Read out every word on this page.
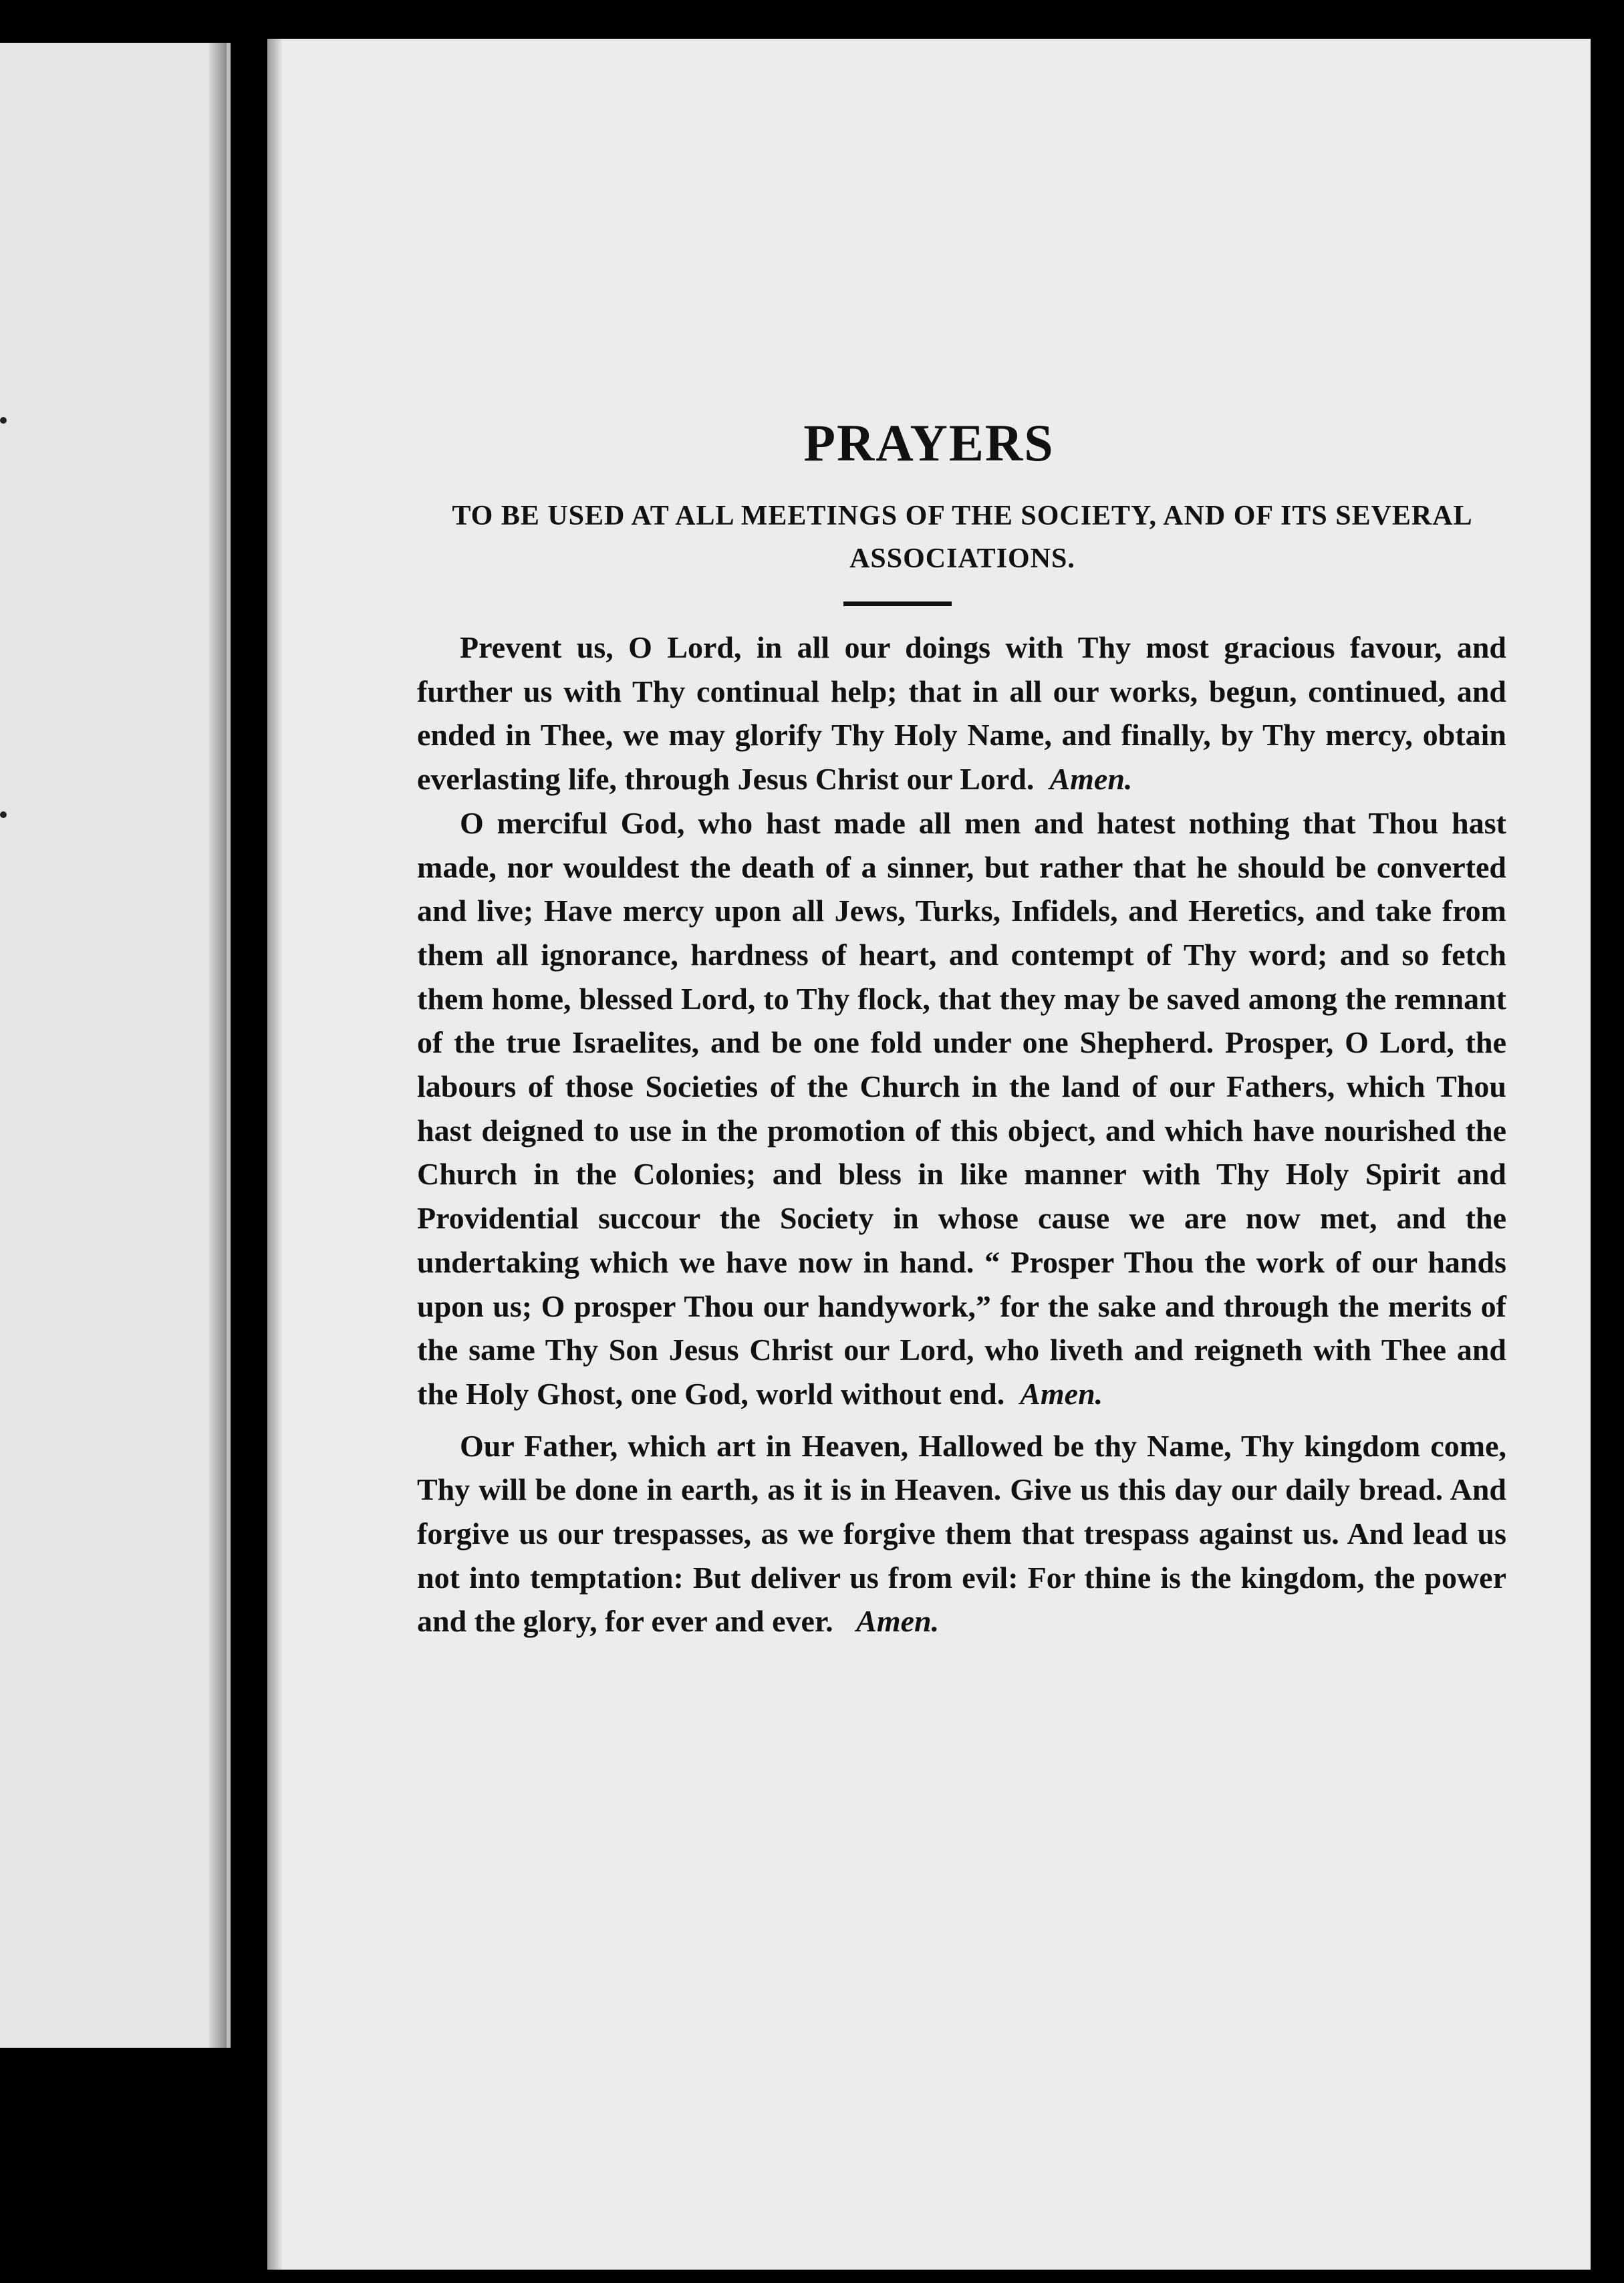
PRAYERS
TO BE USED AT ALL MEETINGS OF THE SOCIETY, AND OF ITS SEVERAL ASSOCIATIONS.

Prevent us, O Lord, in all our doings with Thy most gracious favour, and further us with Thy continual help; that in all our works, begun, continued, and ended in Thee, we may glorify Thy Holy Name, and finally, by Thy mercy, obtain everlasting life, through Jesus Christ our Lord. Amen.

O merciful God, who hast made all men and hatest nothing that Thou hast made, nor wouldest the death of a sinner, but rather that he should be converted and live; Have mercy upon all Jews, Turks, Infidels, and Heretics, and take from them all ignorance, hardness of heart, and contempt of Thy word; and so fetch them home, blessed Lord, to Thy flock, that they may be saved among the remnant of the true Israelites, and be one fold under one Shepherd. Prosper, O Lord, the labours of those Societies of the Church in the land of our Fathers, which Thou hast deigned to use in the promotion of this object, and which have nourished the Church in the Colonies; and bless in like manner with Thy Holy Spirit and Providential succour the Society in whose cause we are now met, and the undertaking which we have now in hand. “ Prosper Thou the work of our hands upon us; O prosper Thou our handywork,” for the sake and through the merits of the same Thy Son Jesus Christ our Lord, who liveth and reigneth with Thee and the Holy Ghost, one God, world without end. Amen.

Our Father, which art in Heaven, Hallowed be thy Name, Thy kingdom come, Thy will be done in earth, as it is in Heaven. Give us this day our daily bread. And forgive us our trespasses, as we forgive them that trespass against us. And lead us not into temptation: But deliver us from evil: For thine is the kingdom, the power and the glory, for ever and ever. Amen.
